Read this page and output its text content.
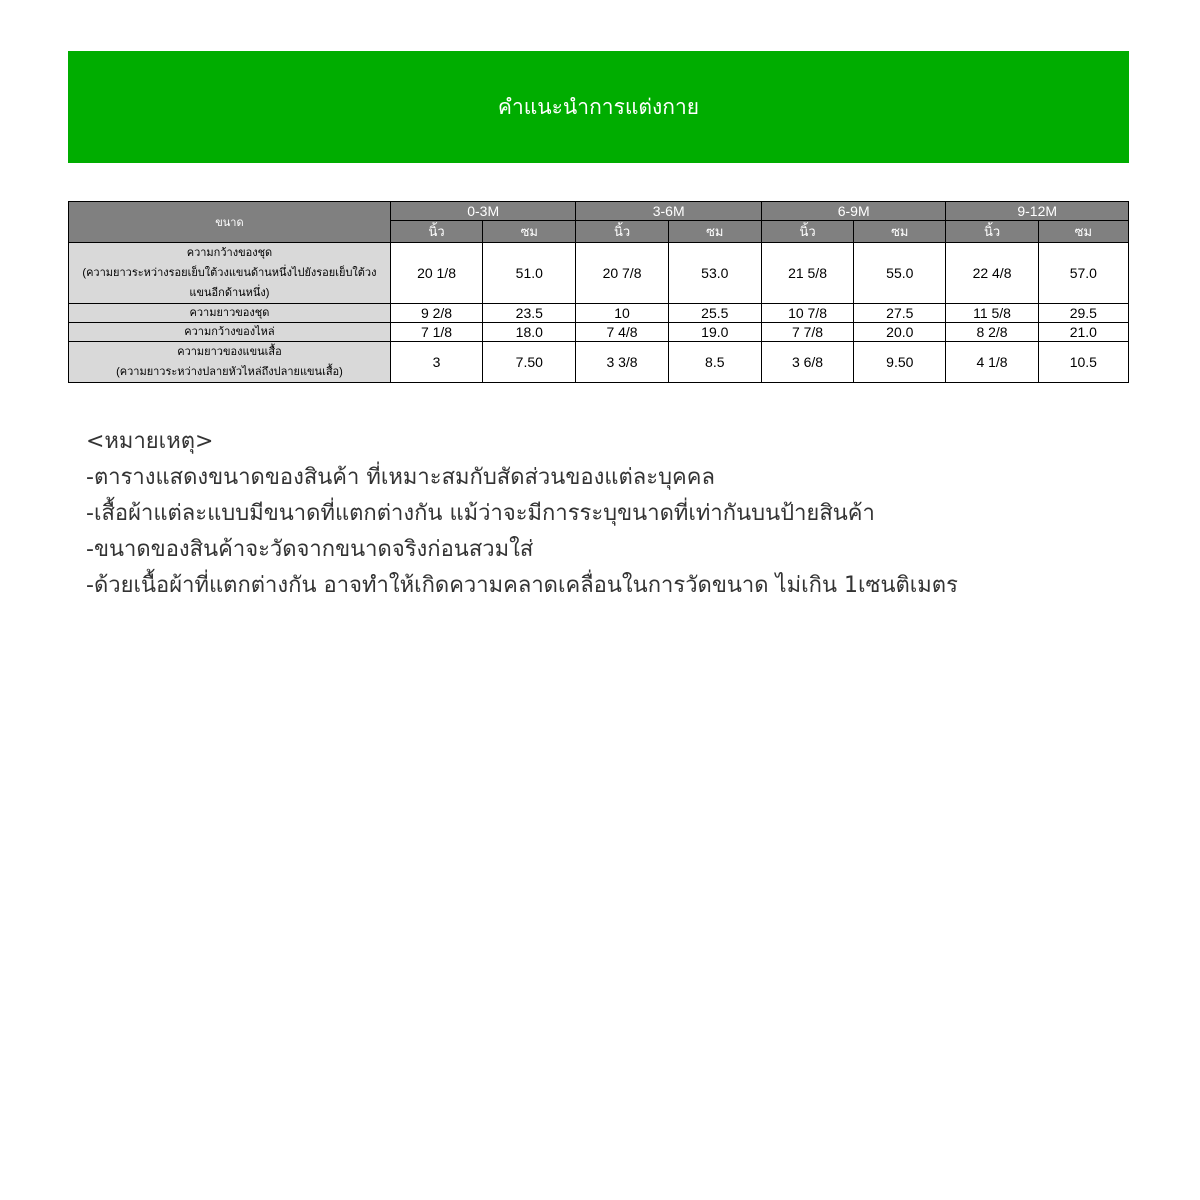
คำแนะนำการแต่งกาย
ขนาด	0-3M		3-6M		6-9M		9-12M	
	นิ้ว	ซม	นิ้ว	ซม	นิ้ว	ซม	นิ้ว	ซม

ความกว้างของชุด
(ความยาวระหว่างรอยเย็บใต้วงแขนด้านหนึ่งไปยังรอยเย็บใต้วง
แขนอีกด้านหนึ่ง)	20 1/8	51.0	20 7/8	53.0	21 5/8	55.0	22 4/8	57.0

ความยาวของชุด	9 2/8	23.5	10	25.5	10 7/8	27.5	11 5/8	29.5

ความกว้างของไหล่	7 1/8	18.0	7 4/8	19.0	7 7/8	20.0	8 2/8	21.0

ความยาวของแขนเสื้อ
(ความยาวระหว่างปลายหัวไหล่ถึงปลายแขนเสื้อ)	3	7.50	3 3/8	8.5	3 6/8	9.50	4 1/8	10.5
<หมายเหตุ>
-ตารางแสดงขนาดของสินค้า ที่เหมาะสมกับสัดส่วนของแต่ละบุคคล
-เสื้อผ้าแต่ละแบบมีขนาดที่แตกต่างกัน แม้ว่าจะมีการระบุขนาดที่เท่ากันบนป้ายสินค้า
-ขนาดของสินค้าจะวัดจากขนาดจริงก่อนสวมใส่
-ด้วยเนื้อผ้าที่แตกต่างกัน อาจทำให้เกิดความคลาดเคลื่อนในการวัดขนาด ไม่เกิน 1เซนติเมตร
